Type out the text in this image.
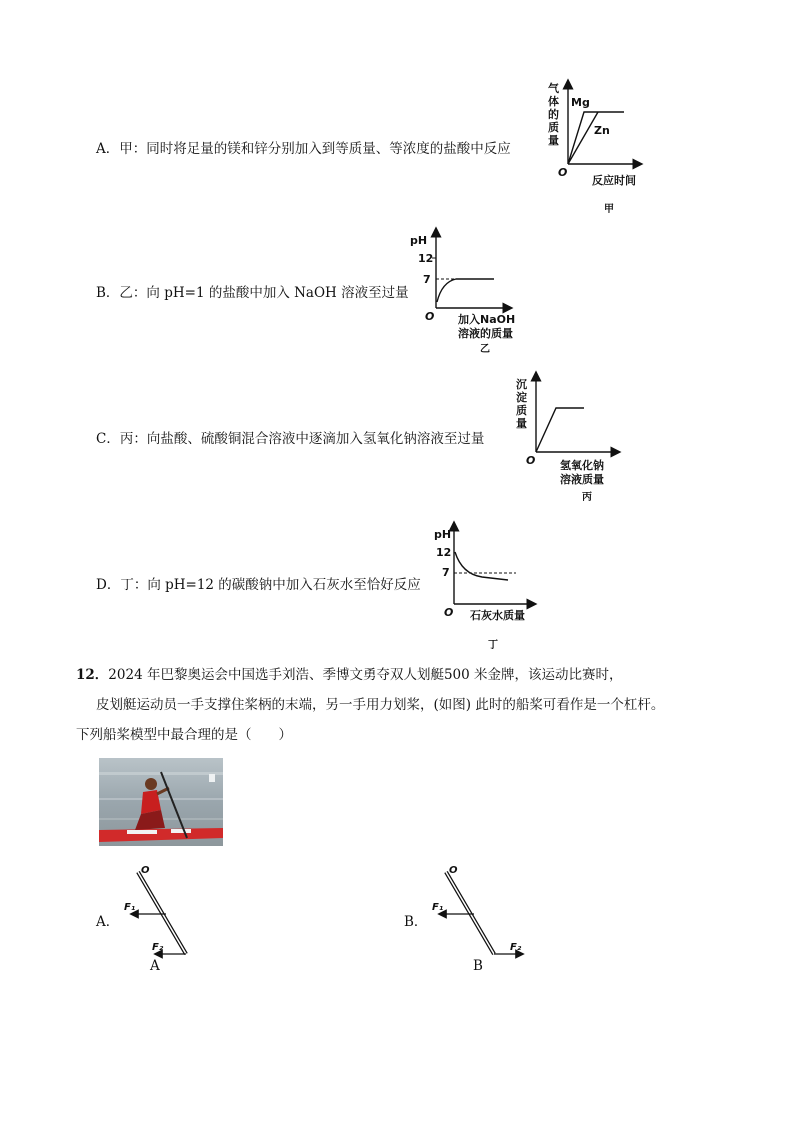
A．甲：同时将足量的镁和锌分别加入到等质量、等浓度的盐酸中反应
气
体
的
质
量
Mg
Zn
O
反应时间
甲
B．乙：向 pH=1 的盐酸中加入 NaOH 溶液至过量
pH
12
7
O 加入NaOH
溶液的质量
乙
C．丙：向盐酸、硫酸铜混合溶液中逐滴加入氢氧化钠溶液至过量
沉
淀
质
量
O 氢氧化钠
溶液质量
丙
D．丁：向 pH=12 的碳酸钠中加入石灰水至恰好反应
pH
12
7
O 石灰水质量
丁
12．2024 年巴黎奥运会中国选手刘浩、季博文勇夺双人划艇500 米金牌，该运动比赛时，
皮划艇运动员一手支撑住桨柄的末端，另一手用力划桨，(如图) 此时的船桨可看作是一个杠杆。
下列船桨模型中最合理的是（　　）
A．
O
F₁
F₂
A
B．
O
F₁
F₂
B
